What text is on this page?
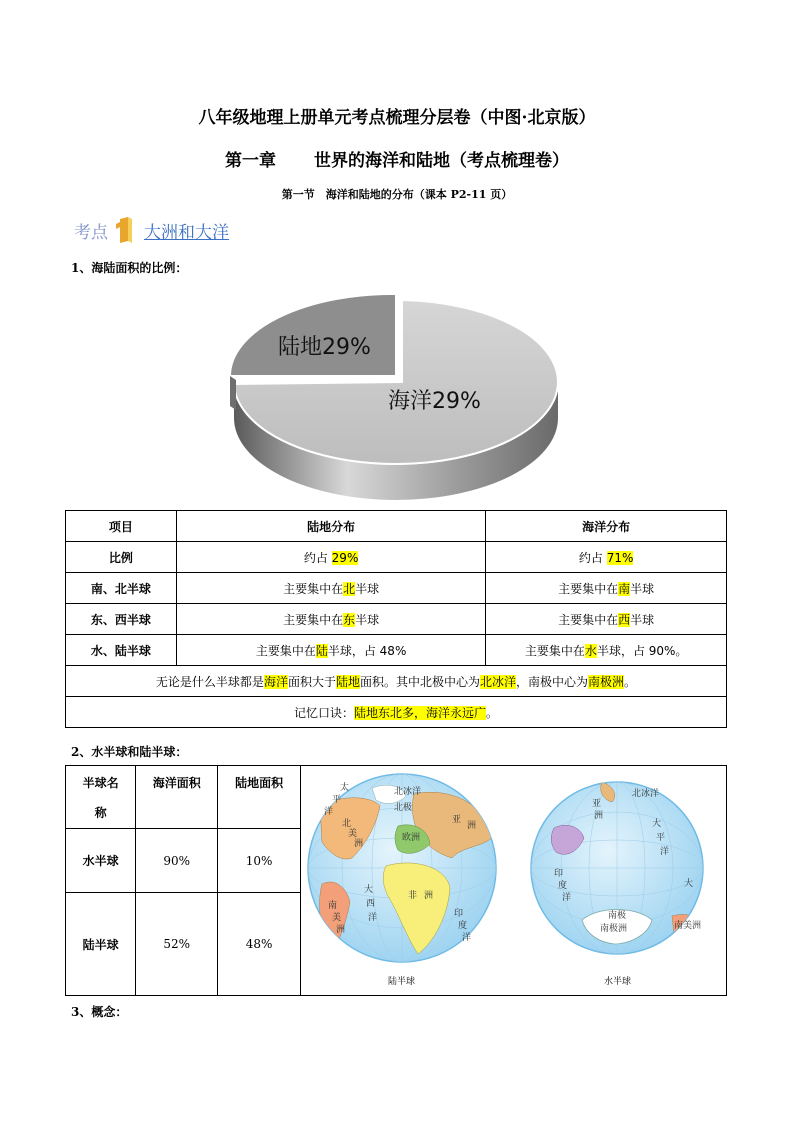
八年级地理上册单元考点梳理分层卷（中图·北京版）
第一章 世界的海洋和陆地（考点梳理卷）
第一节　海洋和陆地的分布（课本 P2-11 页）
考点 大洲和大洋
1、海陆面积的比例：
陆地29%
海洋29%
项目	陆地分布	海洋分布
比例	约占 29%	约占 71%
南、北半球	主要集中在北半球	主要集中在南半球
东、西半球	主要集中在东半球	主要集中在西半球
水、陆半球	主要集中在陆半球，占 48%	主要集中在水半球，占 90%。
无论是什么半球都是海洋面积大于陆地面积。其中北极中心为北冰洋，南极中心为南极洲。		
记忆口诀：陆地东北多，海洋永远广。		
2、水半球和陆半球：
半球名
称	海洋面积	陆地面积
水半球	90%	10%
陆半球	52%	48%
北冰洋
北极
太
平
洋
亚
洲
欧洲
北
美
洲
南
美
洲
大
西
洋
非 洲
印
度
洋
陆半球
北冰洋
大
平
洋
亚
洲
印
度
洋
南极
南极洲	南美洲
大
水半球
3、概念：
